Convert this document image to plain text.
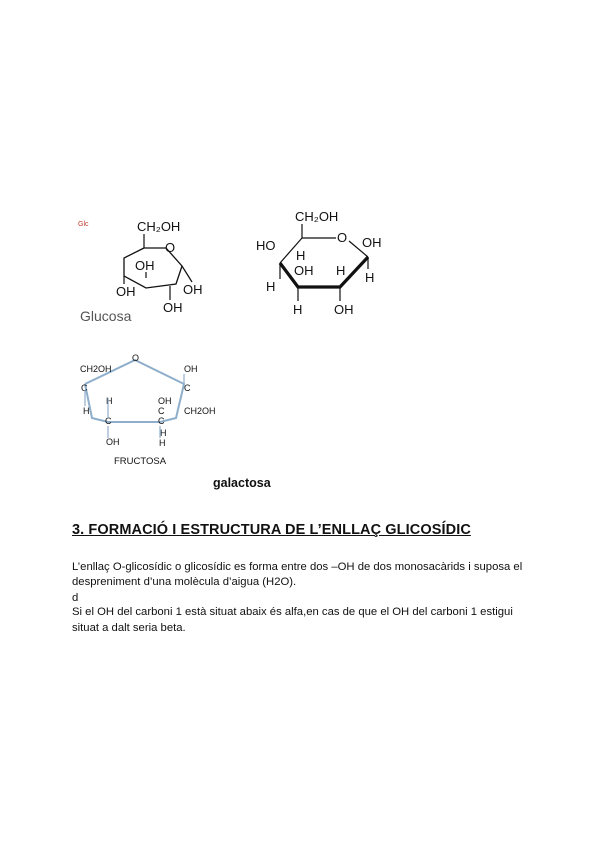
Glc	CH₂OH
O
OH
OH
OH
OH
Glucosa
CH₂OH
O OH
HO
H
OH H
H
H
H OH
O
CH2OH	OH
C	C
H
H
OH
C CH2OH
H
C	C
OH	H
FRUCTOSA
galactosa
3. FORMACIÓ I ESTRUCTURA DE L’ENLLAÇ GLICOSÍDIC
L’enllaç O-glicosídic o glicosídic es forma entre dos –OH de dos monosacàrids i suposa el
despreniment d’una molècula d’aigua (H2O).
d
Si el OH del carboni 1 està situat abaix és alfa,en cas de que el OH del carboni 1 estigui
situat a dalt seria beta.
